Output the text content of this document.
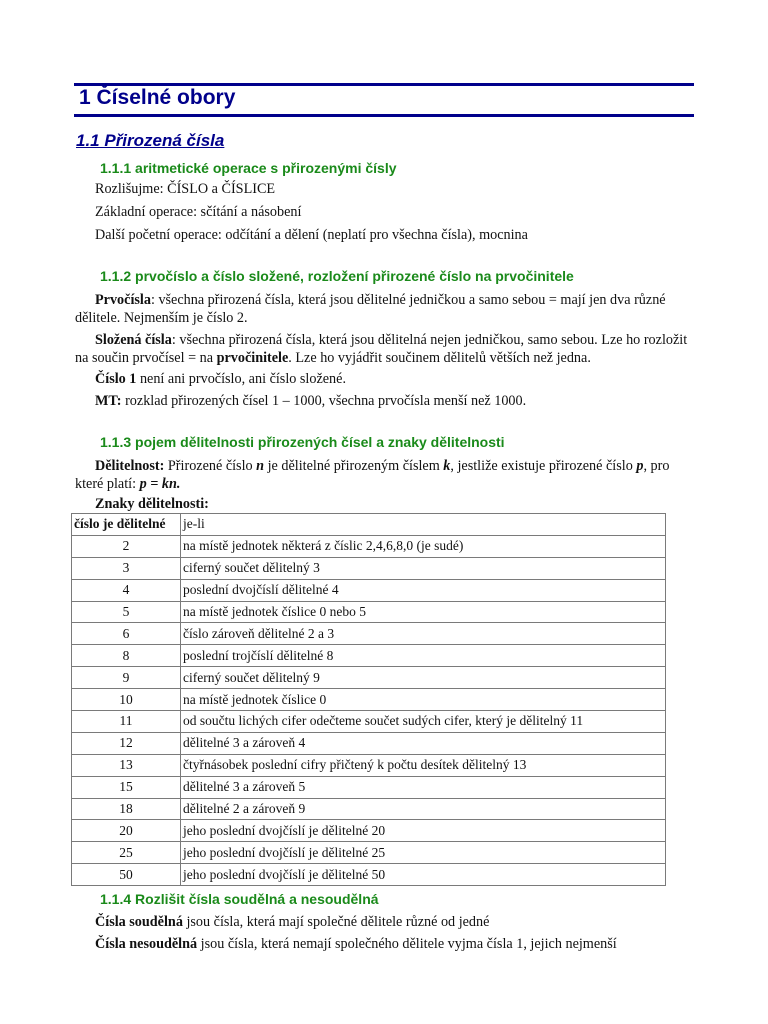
1 Číselné obory
1.1 Přirozená čísla
1.1.1 aritmetické operace s přirozenými čísly

Rozlišujme: ČÍSLO a ČÍSLICE

Základní operace: sčítání a násobení

Další početní operace: odčítání a dělení (neplatí pro všechna čísla), mocnina

1.1.2 prvočíslo a číslo složené, rozložení přirozené číslo na prvočinitele

Prvočísla: všechna přirozená čísla, která jsou dělitelné jedničkou a samo sebou = mají jen dva různé dělitele. Nejmenším je číslo 2.

Složená čísla: všechna přirozená čísla, která jsou dělitelná nejen jedničkou, samo sebou. Lze ho rozložit na součin prvočísel = na prvočinitele. Lze ho vyjádřit součinem dělitelů větších než jedna.

Číslo 1 není ani prvočíslo, ani číslo složené.

MT: rozklad přirozených čísel 1 – 1000, všechna prvočísla menší než 1000.

1.1.3 pojem dělitelnosti přirozených čísel a znaky dělitelnosti

Dělitelnost: Přirozené číslo n je dělitelné přirozeným číslem k, jestliže existuje přirozené číslo p, pro které platí: p = kn.

Znaky dělitelnosti:

číslo je dělitelné	je-li
2	na místě jednotek některá z číslic 2,4,6,8,0 (je sudé)
3	ciferný součet dělitelný 3
4	poslední dvojčíslí dělitelné 4
5	na místě jednotek číslice 0 nebo 5
6	číslo zároveň dělitelné 2 a 3
8	poslední trojčíslí dělitelné 8
9	ciferný součet dělitelný 9
10	na místě jednotek číslice 0
11	od součtu lichých cifer odečteme součet sudých cifer, který je dělitelný 11
12	dělitelné 3 a zároveň 4
13	čtyřnásobek poslední cifry přičtený k počtu desítek dělitelný 13
15	dělitelné 3 a zároveň 5
18	dělitelné 2 a zároveň 9
20	jeho poslední dvojčíslí je dělitelné 20
25	jeho poslední dvojčíslí je dělitelné 25
50	jeho poslední dvojčíslí je dělitelné 50
1.1.4 Rozlišit čísla soudělná a nesoudělná

Čísla soudělná jsou čísla, která mají společné dělitele různé od jedné

Čísla nesoudělná jsou čísla, která nemají společného dělitele vyjma čísla 1, jejich nejmenší
